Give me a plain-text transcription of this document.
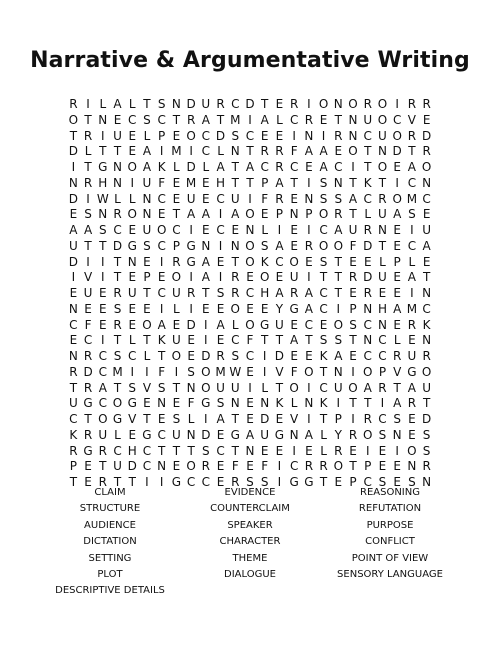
Narrative & Argumentative Writing
R I L A L T S N D U R C D T E R I O N O R O I R R
O T N E C S C T R A T M I A L C R E T N U O C V E
T R I U E L P E O C D S C E E I N I R N C U O R D
D L T T E A I M I C L N T R R F A A E O T N D T R
I T G N O A K L D L A T A C R C E A C I T O E A O
N R H N I U F E M E H T T P A T I S N T K T I C N
D I W L L N C E U E C U I F R E N S S A C R O M C
E S N R O N E T A A I A O E P N P O R T L U A S E
A A S C E U O C I E C E N L I E I C A U R N E I U
U T T D G S C P G N I N O S A E R O O F D T E C A
D I I T N E I R G A E T O K C O E S T E E L P L E
I V I T E P E O I A I R E O E U I T T R D U E A T
E U E R U T C U R T S R C H A R A C T E R E E I N
N E E S E E I L I E E O E E Y G A C I P N H A M C
C F E R E O A E D I A L O G U E C E O S C N E R K
E C I T L T K U E I E C F T T A T S S T N C L E N
N R C S C L T O E D R S C I D E E K A E C C R U R
R D C M I I F I S O M W E I V F O T N I O P V G O
T R A T S V S T N O U U I L T O I C U O A R T A U
U G C O G E N E F G S N E N K L N K I T T I A R T
C T O G V T E S L I A T E D E V I T P I R C S E D
K R U L E G C U N D E G A U G N A L Y R O S N E S
R G R C H C T T T S C T N E E I E L R E I E I O S
P E T U D C N E O R E F E F I C R R O T P E E N R
T E R T T I I G C C E R S S I G G T E P C S E S N
CLAIM	EVIDENCE	REASONING
STRUCTURE	COUNTERCLAIM	REFUTATION
AUDIENCE	SPEAKER	PURPOSE
DICTATION	CHARACTER	CONFLICT
SETTING	THEME	POINT OF VIEW
PLOT	DIALOGUE	SENSORY LANGUAGE
DESCRIPTIVE DETAILS
